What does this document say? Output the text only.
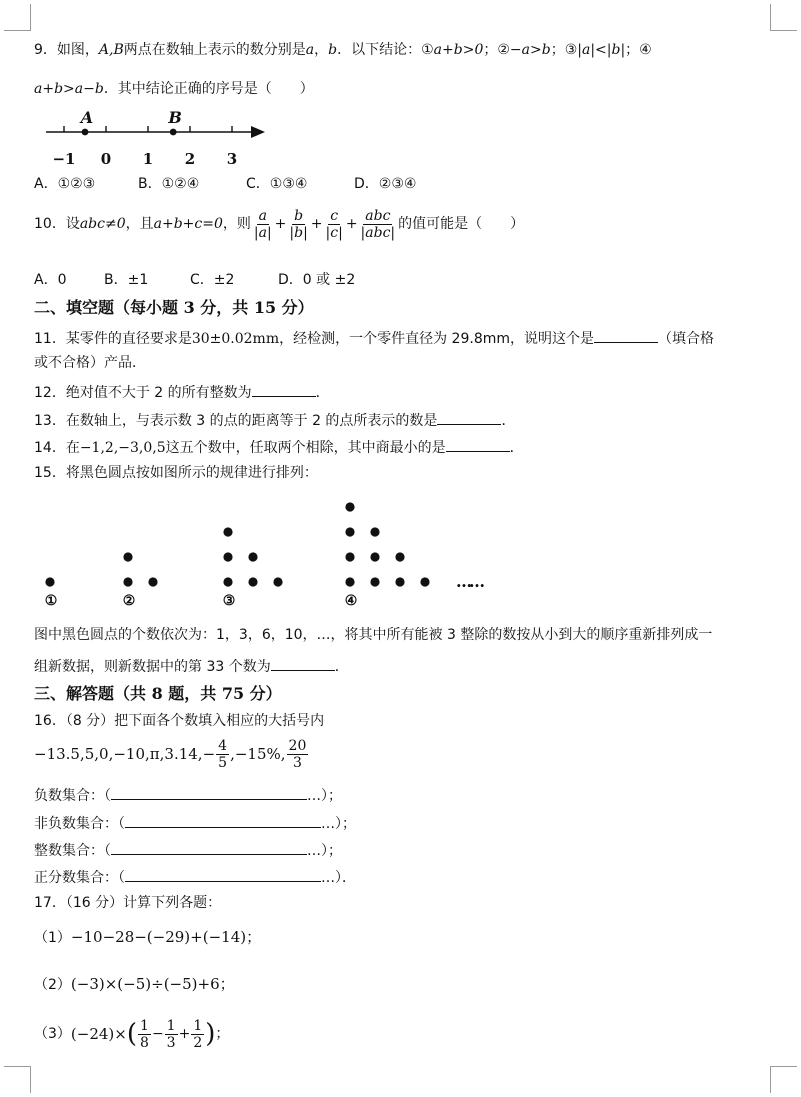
9．如图，A,B两点在数轴上表示的数分别是a，b．以下结论：①a+b>0；②−a>b；③|a|<|b|；④
a+b>a−b．其中结论正确的序号是（　　）
−1 0 1 2 3
A	B
A．①②③	B．①②④	C．①③④	D．②③④
10．设 abc≠0 ，且 a+b+c=0 ，则 $\frac{a}{|a|} + \frac{b}{|b|} + \frac{c}{|c|} + \frac{\text{abc}}{\text{|abc|}}$ 的值可能是（　　）
A．0	B．±1	C．±2	D．0 或 ±2
二、填空题（每小题 3 分，共 15 分）
11．某零件的直径要求是30±0.02mm，经检测，一个零件直径为 29.8mm，说明这个是	（填合格
或不合格）产品．
12．绝对值不大于 2 的所有整数为	．
13．在数轴上，与表示数 3 的点的距离等于 2 的点所表示的数是	．
14．在−1,2,−3,0,5这五个数中，任取两个相除，其中商最小的是	．
15．将黑色圆点按如图所示的规律进行排列：
①	②	③	④
……
图中黑色圆点的个数依次为：1，3，6，10，…，将其中所有能被 3 整除的数按从小到大的顺序重新排列成一
组新数据，则新数据中的第 33 个数为	．
三、解答题（共 8 题，共 75 分）
16．（8 分）把下面各个数填入相应的大括号内
$-13.5,5,0,-10,\pi,3.14,- \frac{4}{5} ,-15\%$, $\frac{20}{3}$
负数集合：（	…）；
非负数集合：（	…）；
整数集合：（	…）；
正分数集合：（	…）．
17．（16 分）计算下列各题：
（1）−10−28−(−29)+(−14)；
（2）(−3)×(−5)÷(−5)+6；
（3） (−24)× ( $\frac{1}{8} - \frac{1}{3} + \frac{1}{2}$ ) ；
